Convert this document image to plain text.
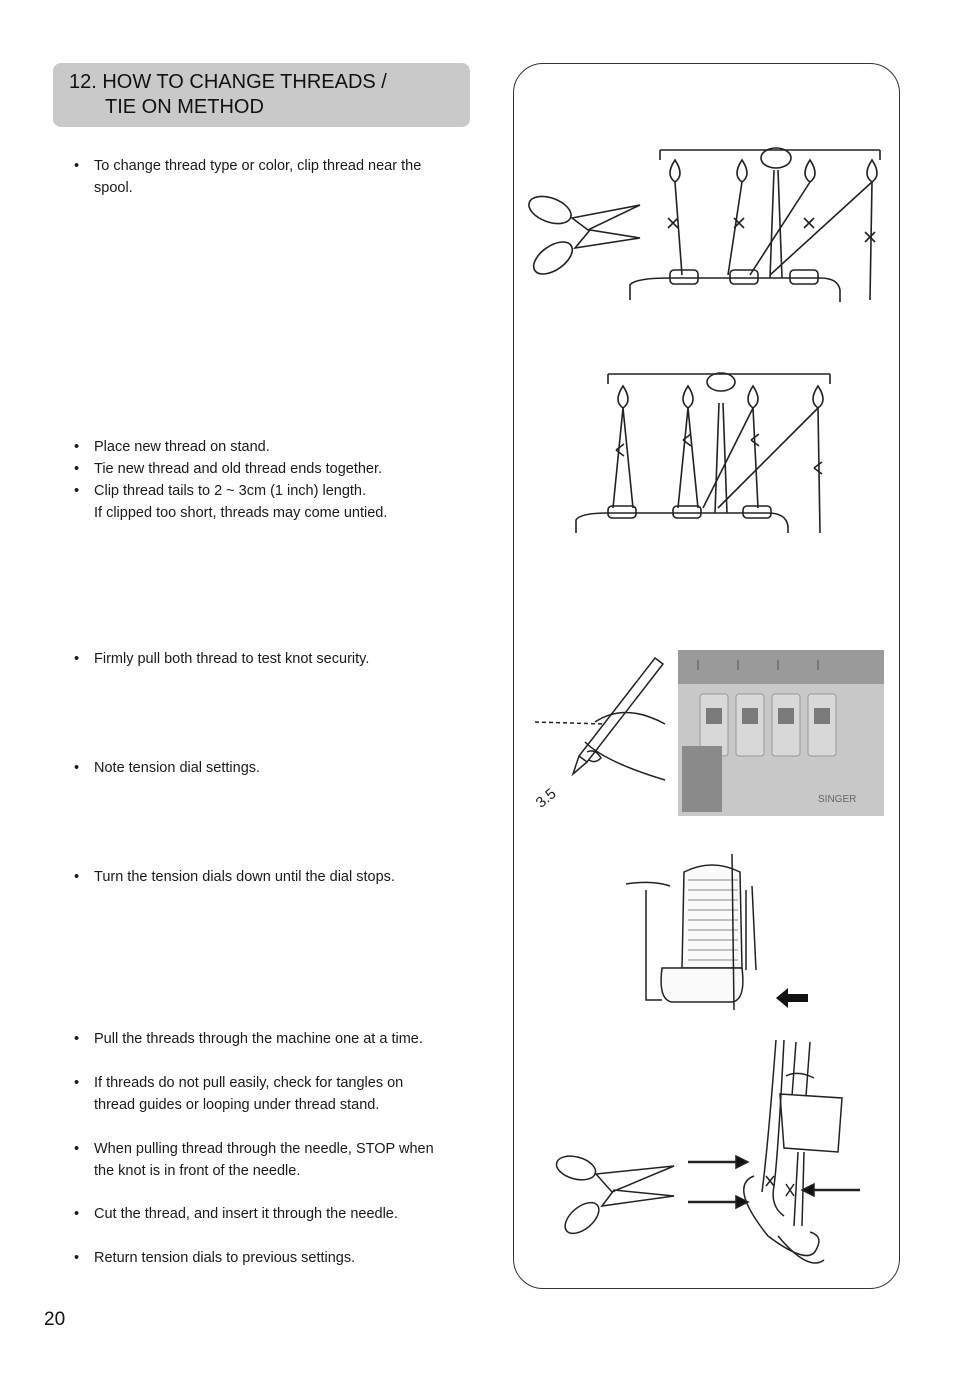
12. HOW TO CHANGE THREADS /
TIE ON METHOD
•	To change thread type or color, clip thread near the
spool.
•	Place new thread on stand.
•	Tie new thread and old thread ends together.
•	Clip thread tails to 2 ~ 3cm (1 inch) length.
If clipped too short, threads may come untied.
•	Firmly pull both thread to test knot security.
•	Note tension dial settings.
•	Turn the tension dials down until the dial stops.
•	Pull the threads through the machine one at a time.
•	If threads do not pull easily, check for tangles on
thread guides or looping under thread stand.
•	When pulling thread through the needle, STOP when
the knot is in front of the needle.
•	Cut the thread, and insert it through the needle.
•	Return tension dials to previous settings.
3.5	SINGER
20
